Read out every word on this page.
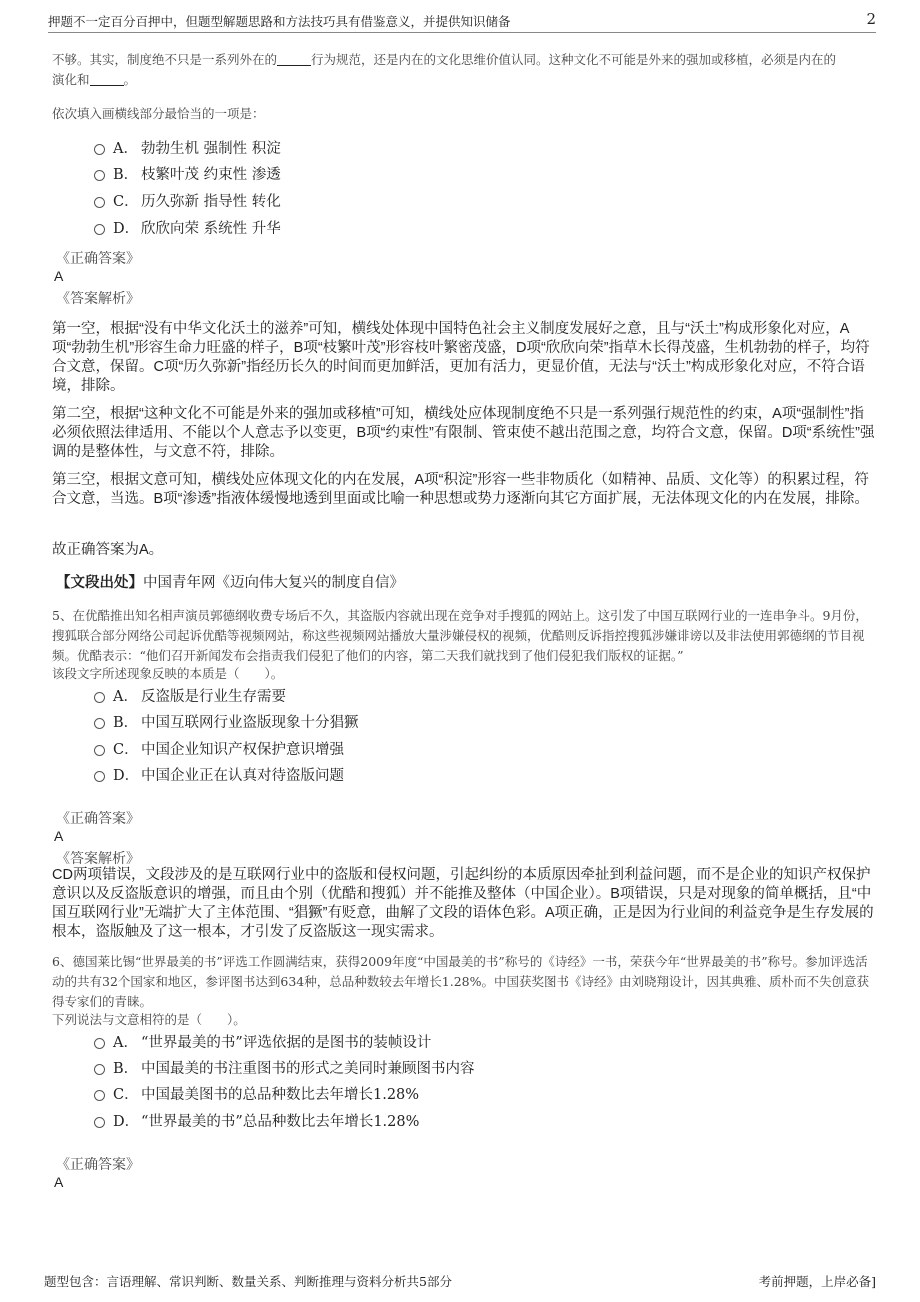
押题不一定百分百押中，但题型解题思路和方法技巧具有借鉴意义，并提供知识储备	2
不够。其实，制度绝不只是一系列外在的	行为规范，还是内在的文化思维价值认同。这种文化不可能是外来的强加或移植，必须是内在的
演化和	。
依次填入画横线部分最恰当的一项是：
A． 勃勃生机 强制性 积淀
B． 枝繁叶茂 约束性 渗透
C． 历久弥新 指导性 转化
D． 欣欣向荣 系统性 升华
《正确答案》
A
《答案解析》
第一空，根据“没有中华文化沃土的滋养”可知，横线处体现中国特色社会主义制度发展好之意，且与“沃土”构成形象化对应，A项“勃勃生机”形容生命力旺盛的样子，B项“枝繁叶茂”形容枝叶繁密茂盛，D项“欣欣向荣”指草木长得茂盛，生机勃勃的样子，均符合文意，保留。C项“历久弥新”指经历长久的时间而更加鲜活，更加有活力，更显价值，无法与“沃土”构成形象化对应，不符合语境，排除。
第二空，根据“这种文化不可能是外来的强加或移植”可知，横线处应体现制度绝不只是一系列强行规范性的约束，A项“强制性”指必须依照法律适用、不能以个人意志予以变更，B项“约束性”有限制、管束使不越出范围之意，均符合文意，保留。D项“系统性”强调的是整体性，与文意不符，排除。
第三空，根据文意可知，横线处应体现文化的内在发展，A项“积淀”形容一些非物质化（如精神、品质、文化等）的积累过程，符合文意，当选。B项“渗透”指液体缓慢地透到里面或比喻一种思想或势力逐渐向其它方面扩展，无法体现文化的内在发展，排除。
故正确答案为A。
【文段出处】中国青年网《迈向伟大复兴的制度自信》
5、在优酷推出知名相声演员郭德纲收费专场后不久，其盗版内容就出现在竞争对手搜狐的网站上。这引发了中国互联网行业的一连串争斗。9月份，搜狐联合部分网络公司起诉优酷等视频网站，称这些视频网站播放大量涉嫌侵权的视频，优酷则反诉指控搜狐涉嫌诽谤以及非法使用郭德纲的节目视频。优酷表示：“他们召开新闻发布会指责我们侵犯了他们的内容，第二天我们就找到了他们侵犯我们版权的证据。”
该段文字所述现象反映的本质是（　　）。
A． 反盗版是行业生存需要
B． 中国互联网行业盗版现象十分猖獗
C． 中国企业知识产权保护意识增强
D． 中国企业正在认真对待盗版问题
《正确答案》
A
《答案解析》
CD两项错误，文段涉及的是互联网行业中的盗版和侵权问题，引起纠纷的本质原因牵扯到利益问题，而不是企业的知识产权保护意识以及反盗版意识的增强，而且由个别（优酷和搜狐）并不能推及整体（中国企业）。B项错误，只是对现象的简单概括，且“中国互联网行业”无端扩大了主体范围、“猖獗”有贬意，曲解了文段的语体色彩。A项正确，正是因为行业间的利益竞争是生存发展的根本，盗版触及了这一根本，才引发了反盗版这一现实需求。
6、德国莱比锡“世界最美的书”评选工作圆满结束，获得2009年度“中国最美的书”称号的《诗经》一书，荣获今年“世界最美的书”称号。参加评选活动的共有32个国家和地区，参评图书达到634种，总品种数较去年增长1.28%。中国获奖图书《诗经》由刘晓翔设计，因其典雅、质朴而不失创意获得专家们的青睐。
下列说法与文意相符的是（　　）。
A． “世界最美的书”评选依据的是图书的装帧设计
B． 中国最美的书注重图书的形式之美同时兼顾图书内容
C． 中国最美图书的总品种数比去年增长1.28%
D． “世界最美的书”总品种数比去年增长1.28%
《正确答案》
A
题型包含：言语理解、常识判断、数量关系、判断推理与资料分析共5部分	考前押题，上岸必备]
